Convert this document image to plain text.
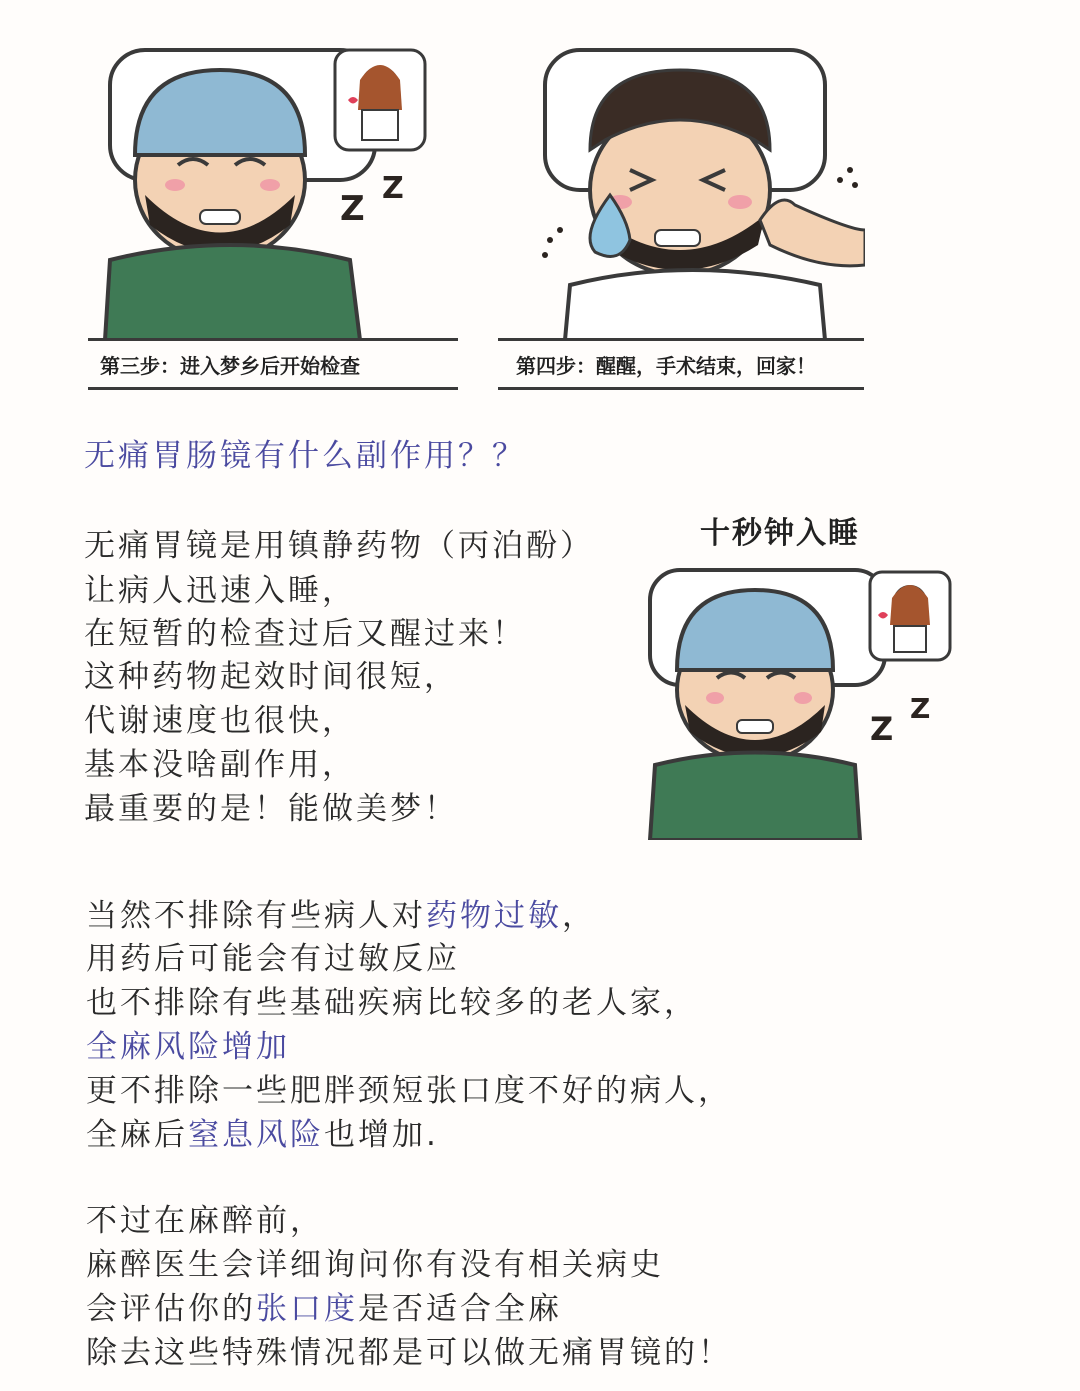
Z
Z
第三步：进入梦乡后开始检查	第四步：醒醒，手术结束，回家！
无痛胃肠镜有什么副作用？？
无痛胃镜是用镇静药物（丙泊酚）
让病人迅速入睡，
在短暂的检查过后又醒过来！
这种药物起效时间很短，
代谢速度也很快，
基本没啥副作用，
最重要的是！能做美梦！
十秒钟入睡
Z
Z
当然不排除有些病人对药物过敏，
用药后可能会有过敏反应
也不排除有些基础疾病比较多的老人家，
全麻风险增加
更不排除一些肥胖颈短张口度不好的病人，
全麻后窒息风险也增加.
不过在麻醉前，
麻醉医生会详细询问你有没有相关病史
会评估你的张口度是否适合全麻
除去这些特殊情况都是可以做无痛胃镜的！
